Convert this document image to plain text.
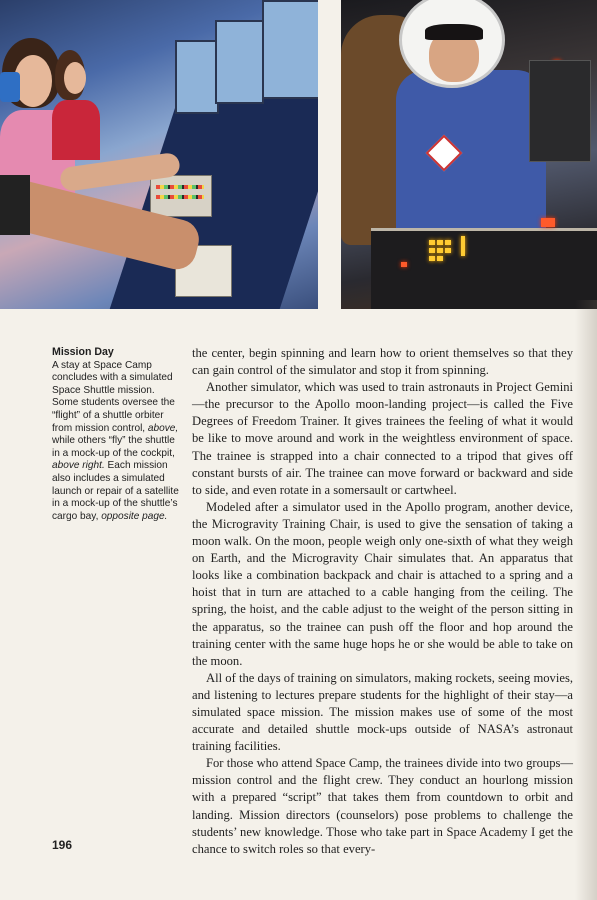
Mission Day
A stay at Space Camp concludes with a simulated Space Shuttle mission. Some students oversee the “flight” of a shuttle orbiter from mission control, above, while others “fly” the shuttle in a mock-up of the cockpit, above right. Each mission also includes a simulated launch or repair of a satellite in a mock-up of the shuttle’s cargo bay, opposite page.

the center, begin spinning and learn how to orient themselves so that they can gain control of the simulator and stop it from spinning.

Another simulator, which was used to train astronauts in Project Gemini—the precursor to the Apollo moon-landing project—is called the Five Degrees of Freedom Trainer. It gives trainees the feeling of what it would be like to move around and work in the weightless environment of space. The trainee is strapped into a chair connected to a tripod that gives off constant bursts of air. The trainee can move forward or backward and side to side, and even rotate in a somersault or cartwheel.

Modeled after a simulator used in the Apollo program, another device, the Microgravity Training Chair, is used to give the sensation of taking a moon walk. On the moon, people weigh only one-sixth of what they weigh on Earth, and the Microgravity Chair simulates that. An apparatus that looks like a combination backpack and chair is attached to a spring and a hoist that in turn are attached to a cable hanging from the ceiling. The spring, the hoist, and the cable adjust to the weight of the person sitting in the apparatus, so the trainee can push off the floor and hop around the training center with the same huge hops he or she would be able to take on the moon.

All of the days of training on simulators, making rockets, seeing movies, and listening to lectures prepare students for the highlight of their stay—a simulated space mission. The mission makes use of some of the most accurate and detailed shuttle mock-ups outside of NASA’s astronaut training facilities.

For those who attend Space Camp, the trainees divide into two groups—mission control and the flight crew. They conduct an hourlong mission with a prepared “script” that takes them from countdown to orbit and landing. Mission directors (counselors) pose problems to challenge the students’ new knowledge. Those who take part in Space Academy I get the chance to switch roles so that every-

196
